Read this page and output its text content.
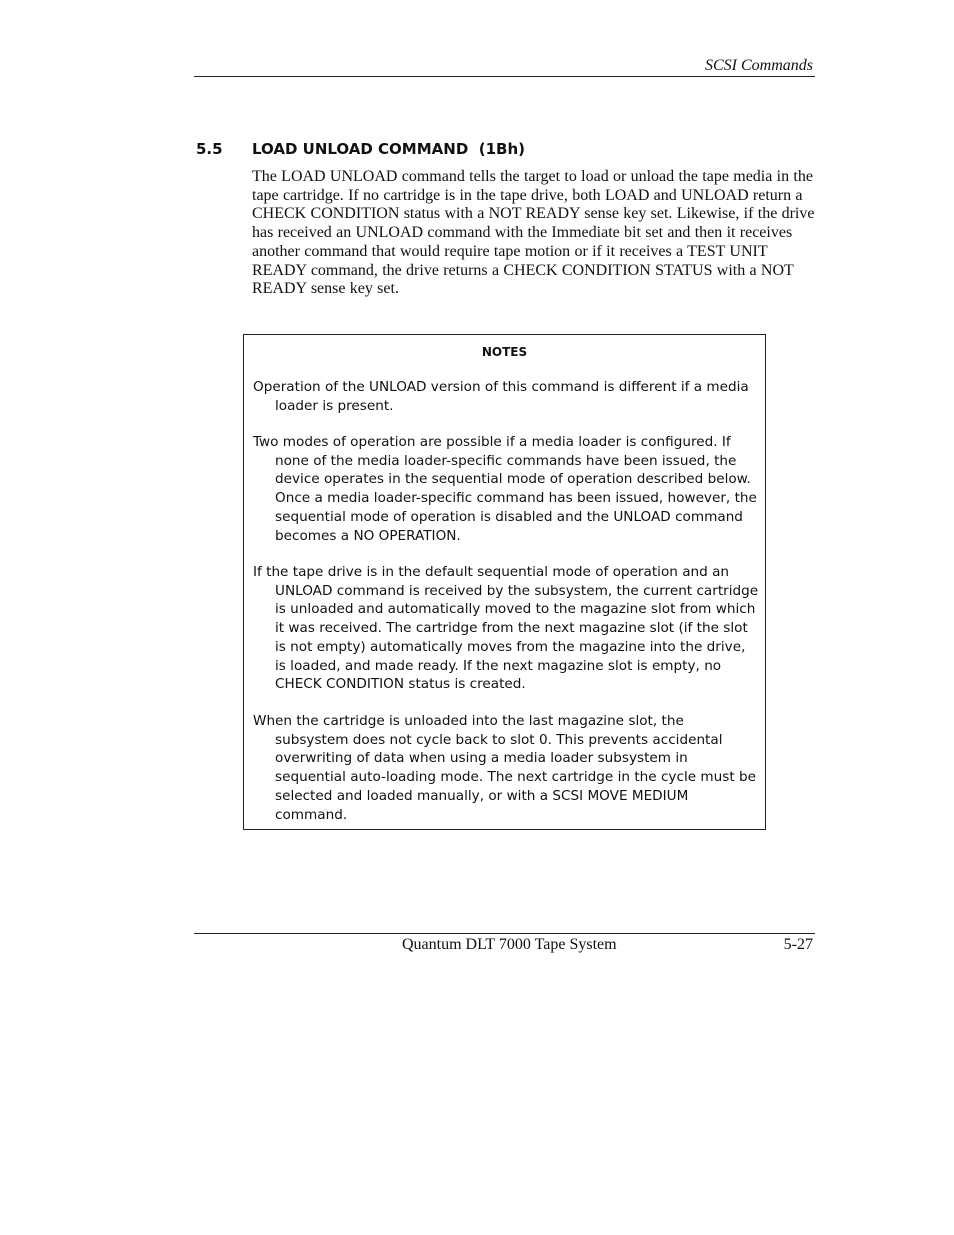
SCSI Commands
5.5 LOAD UNLOAD COMMAND  (1Bh)

The LOAD UNLOAD command tells the target to load or unload the tape media in the tape cartridge. If no cartridge is in the tape drive, both LOAD and UNLOAD return a CHECK CONDITION status with a NOT READY sense key set. Likewise, if the drive has received an UNLOAD command with the Immediate bit set and then it receives another command that would require tape motion or if it receives a TEST UNIT READY command, the drive returns a CHECK CONDITION STATUS with a NOT READY sense key set.

NOTES

Operation of the UNLOAD version of this command is different if a media loader is present.

Two modes of operation are possible if a media loader is configured. If none of the media loader-specific commands have been issued, the device operates in the sequential mode of operation described below. Once a media loader-specific command has been issued, however, the sequential mode of operation is disabled and the UNLOAD command becomes a NO OPERATION.

If the tape drive is in the default sequential mode of operation and an UNLOAD command is received by the subsystem, the current cartridge is unloaded and automatically moved to the magazine slot from which it was received. The cartridge from the next magazine slot (if the slot is not empty) automatically moves from the magazine into the drive, is loaded, and made ready. If the next magazine slot is empty, no CHECK CONDITION status is created.

When the cartridge is unloaded into the last magazine slot, the subsystem does not cycle back to slot 0. This prevents accidental overwriting of data when using a media loader subsystem in sequential auto-loading mode. The next cartridge in the cycle must be selected and loaded manually, or with a SCSI MOVE MEDIUM command.

Quantum DLT 7000 Tape System	5-27
